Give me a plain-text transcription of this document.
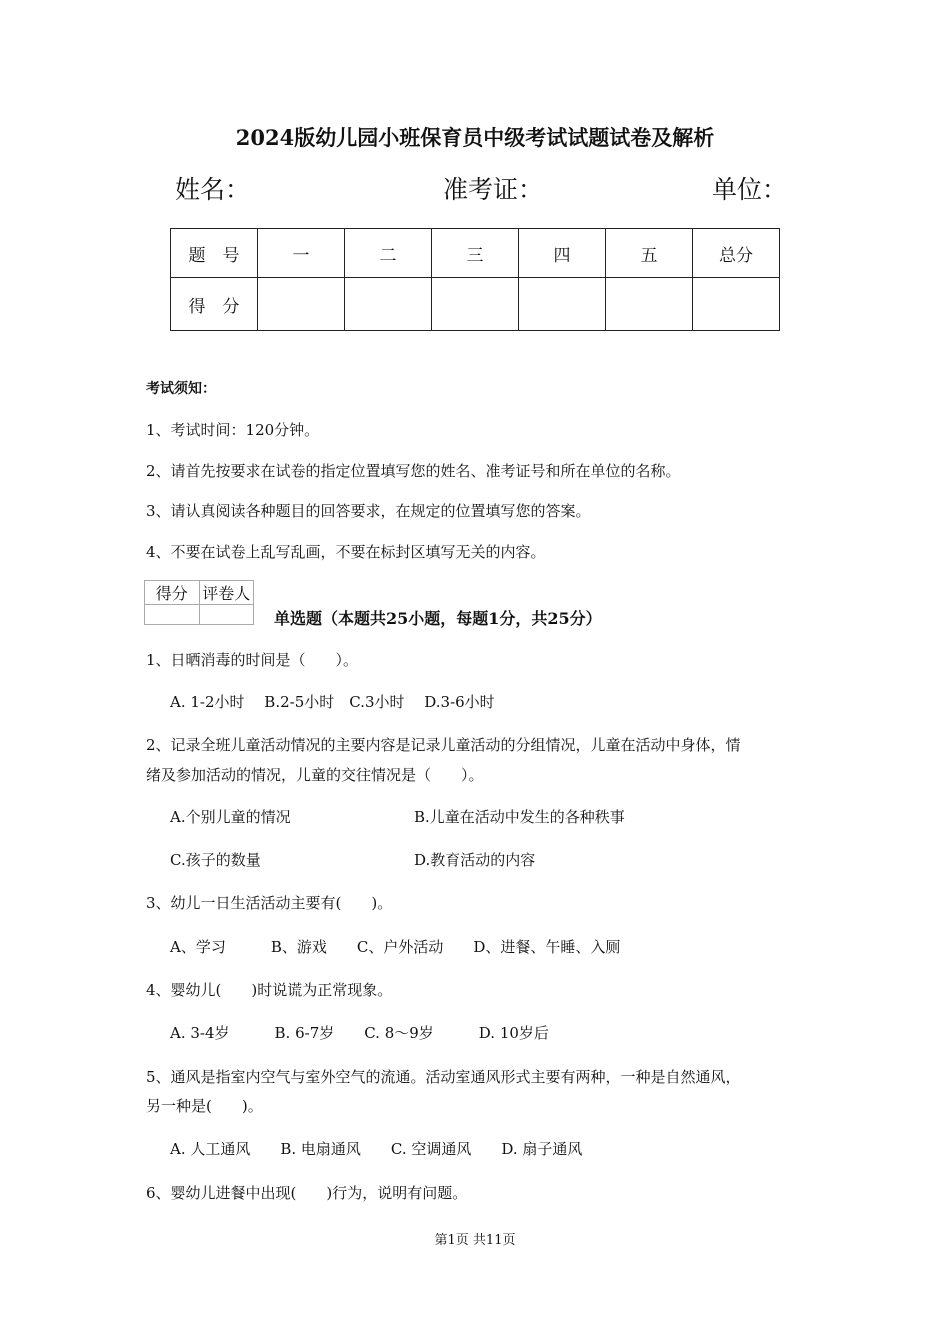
2024版幼儿园小班保育员中级考试试题试卷及解析
姓名：	准考证：	单位：
题　号	一	二	三	四	五	总分
得　分						
考试须知：
1、考试时间：120分钟。
2、请首先按要求在试卷的指定位置填写您的姓名、准考证号和所在单位的名称。
3、请认真阅读各种题目的回答要求，在规定的位置填写您的答案。
4、不要在试卷上乱写乱画，不要在标封区填写无关的内容。
得分	评卷人

单选题（本题共25小题，每题1分，共25分）
1、日晒消毒的时间是（　　）。
A. 1-2小时　 B.2-5小时　C.3小时　 D.3-6小时
2、记录全班儿童活动情况的主要内容是记录儿童活动的分组情况，儿童在活动中身体，情
绪及参加活动的情况，儿童的交往情况是（　　）。
A.个别儿童的情况	B.儿童在活动中发生的各种秩事
C.孩子的数量	D.教育活动的内容
3、幼儿一日生活活动主要有(　　)。
A、学习　　　B、游戏　　C、户外活动　　D、进餐、午睡、入厕
4、婴幼儿(　　)时说谎为正常现象。
A. 3-4岁　　　B. 6-7岁　　C. 8～9岁　　　D. 10岁后
5、通风是指室内空气与室外空气的流通。活动室通风形式主要有两种，一种是自然通风，
另一种是(　　)。
A. 人工通风　　B. 电扇通风　　C. 空调通风　　D. 扇子通风
6、婴幼儿进餐中出现(　　)行为，说明有问题。
第1页 共11页
